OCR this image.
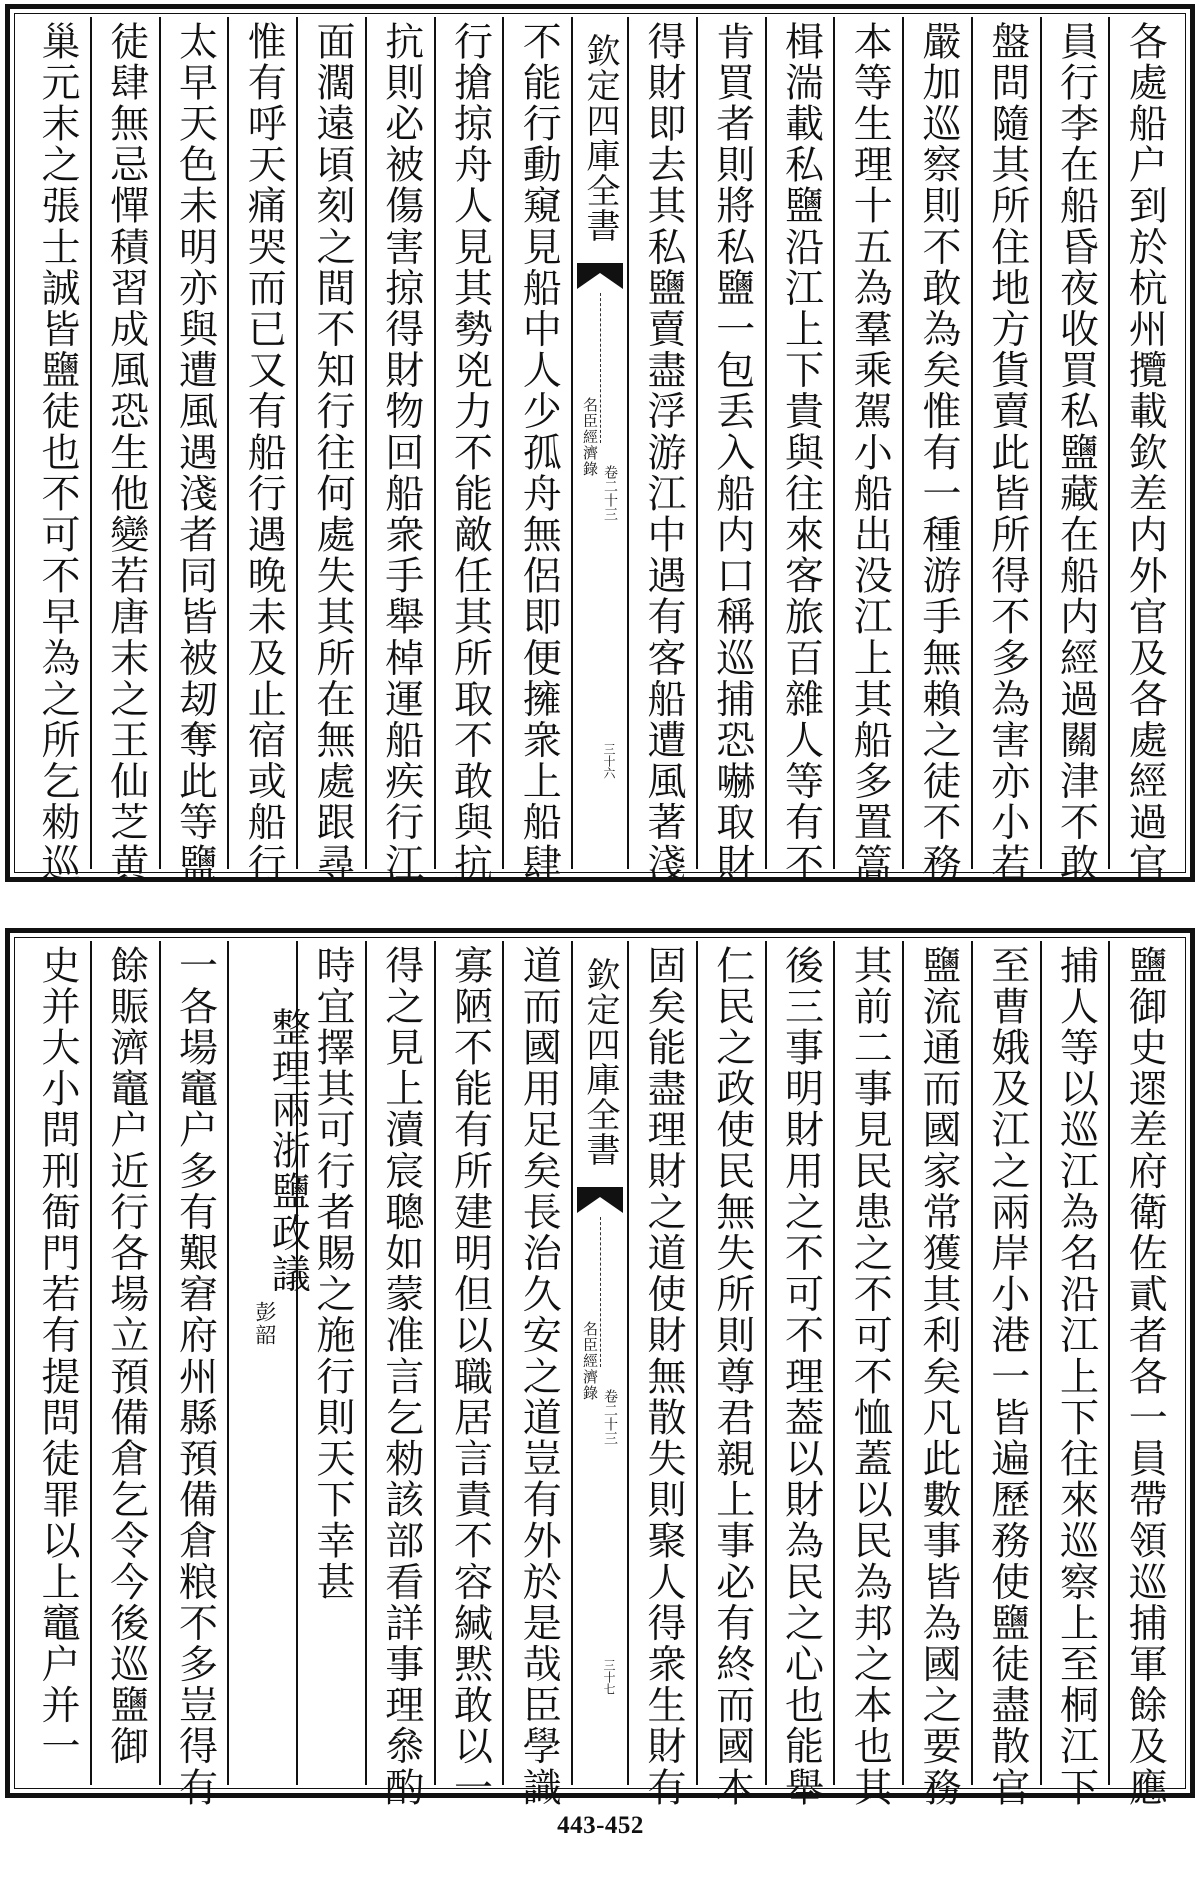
各處船户到於杭州攬載欽差内外官及各處經過官
員行李在船昏夜收買私鹽藏在船内經過關津不敢
盤問隨其所住地方貨賣此皆所得不多為害亦小若
嚴加巡察則不敢為矣惟有一種游手無賴之徒不務
本等生理十五為羣乘駕小船出没江上其船多置篙
楫湍載私鹽沿江上下貴與往來客旅百雜人等有不
肯買者則將私鹽一包丢入船内口稱巡捕恐嚇取財
得財即去其私鹽賣盡浮游江中遇有客船遭風著淺
欽定四庫全書
名臣經濟錄
卷二十三
三十六
不能行動窺見船中人少孤舟無侶即便擁衆上船肆
行搶掠舟人見其勢兇力不能敵任其所取不敢與抗
抗則必被傷害掠得財物回船衆手舉棹運船疾行江
面濶遠頃刻之間不知行往何處失其所在無處跟尋
惟有呼天痛哭而已又有船行遇晚未及止宿或船行
太早天色未明亦與遭風遇淺者同皆被刼奪此等鹽
徒肆無忌憚積習成風恐生他變若唐末之王仙芝黄
巢元末之張士誠皆鹽徒也不可不早為之所乞勑巡
鹽御史遝差府衛佐貳者各一員帶領巡捕軍餘及應
捕人等以巡江為名沿江上下往來巡察上至桐江下
至曹娥及江之兩岸小港一皆遍歷務使鹽徒盡散官
鹽流通而國家常獲其利矣凡此數事皆為國之要務
其前二事見民患之不可不恤蓋以民為邦之本也其
後三事明財用之不可不理葢以財為民之心也能舉
仁民之政使民無失所則尊君親上事必有終而國本
固矣能盡理財之道使財無散失則聚人得衆生財有
欽定四庫全書
名臣經濟錄
卷二十三
三十七
道而國用足矣長治久安之道豈有外於是哉臣學識
寡陋不能有所建明但以職居言責不容緘黙敢以一
得之見上瀆宸聰如蒙准言乞勑該部看詳事理叅酌
時宜擇其可行者賜之施行則天下幸甚
整理兩浙鹽政議
彭韶
一各場竈户多有艱窘府州縣預備倉粮不多豈得有
餘賑濟竈户近行各場立預備倉乞令今後巡鹽御
史并大小問刑衙門若有提問徒罪以上竈户并一
443-452
